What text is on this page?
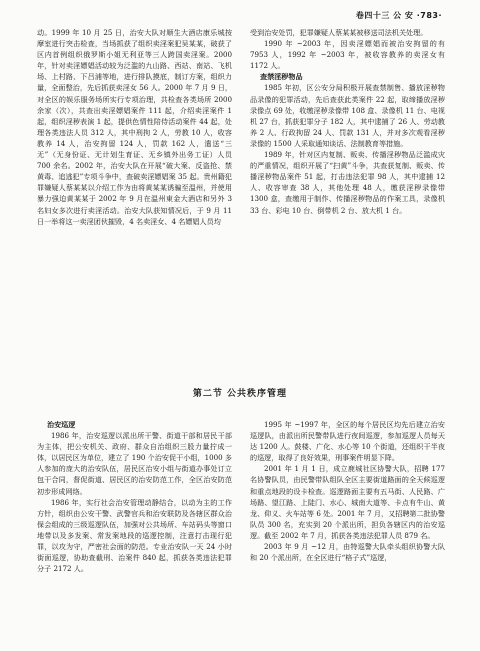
卷四十三 公 安 ·783·

动。1999 年 10 月 25 日，治安大队对顺生大酒店康乐城按摩室进行突击检查，当场抓获了组织卖淫案犯吴某某，破获了区内首例组织俄罗斯小姐无利亚等三人跨国卖淫案。2000 年，针对卖淫嫖娼活动较为泛滥的九山路、西站、南站、飞机场、上村路、下吕浦等地，进行排队摸底，制订方案，组织力量，全面整治，先后抓获卖淫女 56 人。2000 年 7 月 9 日，对全区的娱乐服务场所实行专项治理，共检查各类场所 2000 余家（次），共查出卖淫嫖娼案件 111 起，介绍卖淫案件 1 起，组织淫秽表演 1 起，提供色情性陪侍活动案件 44 起，处理各类违法人员 312 人，其中刑拘 2 人，劳教 10 人，收容教养 14 人，治安拘留 124 人，罚款 162 人，遣送“三无”（无身份证、无计划生育证、无乡镇外出务工证）人员 700 余名。2002 年，治安大队在开展“破大案、反盗抢、禁黄毒、追逃犯”专项斗争中，查破卖淫嫖娼案 35 起。贵州籍犯罪嫌疑人蔡某某以介绍工作为由将黄某某诱骗至温州，并使用暴力强迫黄某某于 2002 年 9 月在温州東金大酒店和另外 3 名妇女多次进行卖淫活动。治安大队获知情况后，于 9 月 11 日一举将这一卖淫团伙摧毁，4 名卖淫女、4 名嫖娼人员均

受到治安处罚，犯罪嫌疑人蔡某某被移送司法机关处理。

1990 年 ~2003 年，因卖淫嫖娼而被治安拘留的有 7953 人，1992 年 ~2003 年，被收容教养的卖淫女有 1172 人。

查禁淫秽物品

1985 年初，区公安分局积极开展查禁制售、播放淫秽物品录像的犯罪活动，先后查获此类案件 22 起，取缔播放淫秽录像点 69 处，收缴淫秽录像带 108 盒、录像机 11 台、电视机 27 台，抓获犯罪分子 182 人，其中逮捕了 26 人、劳动教养 2 人、行政拘留 24 人、罚款 131 人，并对多次观看淫秽录像的 1500 人采取通知谈话、法制教育等措施。

1989 年，针对区内复制、贩卖、传播淫秽物品泛滥成灾的严重情况，组织开展了“扫黄”斗争，共查获复制、贩卖、传播淫秽物品案件 51 起，打击违法犯罪 98 人，其中逮捕 12 人、收容审查 38 人，其他处理 48 人，缴获淫秽录像带 1300 盒，查缴用于制作、传播淫秽物品的作案工具，录像机 33 台、彩电 10 台、倒带机 2 台、放大机 1 台。

第二节 公共秩序管理

治安巡逻

1986 年，治安巡逻以派出所干警、街道干部和居民干部为主体，把公安机关、政府、群众自治组织三股力量拧成一体，以居民区为单位，建立了 190 个治安促干小组，1000 多人参加的庞大的治安队伍，居民区治安小组与街道办事处订立包干合同，督促街道、居民区的治安防范工作，全区治安防范初步形成网络。

1986 年，实行社会治安管理动静结合，以动为主的工作方针，组织由公安干警、武警官兵和治安联防及各辖区群众治保会组成的三级巡逻队伍，加强对公共场所、车站码头等窗口地带以及多发案、常发案地段的巡逻控制，注意打击现行犯罪，以攻为守，严密社会面的防范。专业治安队一天 24 小时街面巡逻，协助查截刑、治案件 840 起，抓获各类违法犯罪分子 2172 人。

1995 年 ~1997 年，全区的每个居民区均先后建立治安巡逻队，由派出所民警带队进行夜间巡逻，参加巡逻人员每天达 1200 人。鼓楼、广化、水心等 10 个街道，还组织干半夜的巡逻，取得了良好效果，刑事案件明显下降。

2001 年 1 月 1 日，成立鹿城社区协警大队，招聘 177 名协警队员，由民警带队组队全区主要街道路面的全天候巡逻和重点地段的设卡检查。巡逻路面主要有五马街、人民路、广场路、望江路、上陡门、水心、城南大道等、卡点有牛山、黄龙、仰义、火车站等 6 处。2001 年 7 月，又招聘第二批协警队员 300 名，充实到 20 个派出所，担负各辖区内的治安巡逻。截至 2002 年 7 月，抓获各类违法犯罪人员 879 名。

2003 年 9 月 ~12 月，由特巡警大队牵头组织协警大队和 20 个派出所，在全区进行“格子式”巡逻，
